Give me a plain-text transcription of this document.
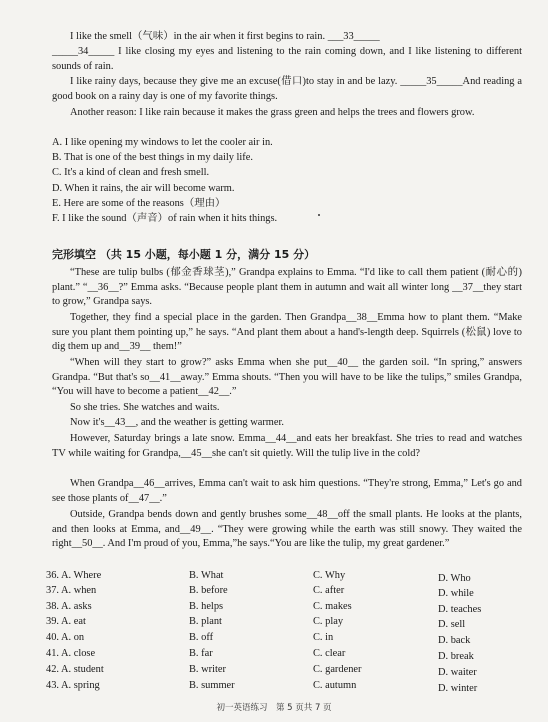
I like the smell（气味）in the air when it first begins to rain. ___33_____

_____34_____ I like closing my eyes and listening to the rain coming down, and I like listening to different sounds of rain.

I like rainy days, because they give me an excuse(借口)to stay in and be lazy. _____35_____And reading a good book on a rainy day is one of my favorite things.

Another reason: I like rain because it makes the grass green and helps the trees and flowers grow.

A. I like opening my windows to let the cooler air in.
B. That is one of the best things in my daily life.
C. It's a kind of clean and fresh smell.
D. When it rains, the air will become warm.
E. Here are some of the reasons（理由）
F. I like the sound（声音）of rain when it hits things.
完形填空 （共 15 小题，每小题 1 分，满分 15 分）

“These are tulip bulbs (郁金香球茎),” Grandpa explains to Emma. “I'd like to call them patient (耐心的) plant.” “__36__?” Emma asks. “Because people plant them in autumn and wait all winter long __37__they start to grow,” Grandpa says.

Together, they find a special place in the garden. Then Grandpa__38__Emma how to plant them. “Make sure you plant them pointing up,” he says. “And plant them about a hand's-length deep. Squirrels (松鼠) love to dig them up and__39__ them!”

“When will they start to grow?” asks Emma when she put__40__ the garden soil. “In spring,” answers Grandpa. “But that's so__41__away.” Emma shouts. “Then you will have to be like the tulips,” smiles Grandpa, “You will have to become a patient__42__.”

So she tries. She watches and waits.

Now it's__43__, and the weather is getting warmer.

However, Saturday brings a late snow. Emma__44__and eats her breakfast. She tries to read and watches TV while waiting for Grandpa,__45__she can't sit quietly. Will the tulip live in the cold?

When Grandpa__46__arrives, Emma can't wait to ask him questions. “They're strong, Emma,” Let's go and see those plants of__47__.”

Outside, Grandpa bends down and gently brushes some__48__off the small plants. He looks at the plants, and then looks at Emma, and__49__. “They were growing while the earth was still snowy. They waited the right__50__. And I'm proud of you, Emma,”he says.“You are like the tulip, my great gardener.”

36. A. Where	B. What	C. Why	D. Who
37. A. when	B. before	C. after	D. while
38. A. asks	B. helps	C. makes	D. teaches
39. A. eat	B. plant	C. play	D. sell
40. A. on	B. off	C. in	D. back
41. A. close	B. far	C. clear	D. break
42. A. student	B. writer	C. gardener	D. waiter
43. A. spring	B. summer	C. autumn	D. winter
初一英语练习　第 5 页共 7 页
